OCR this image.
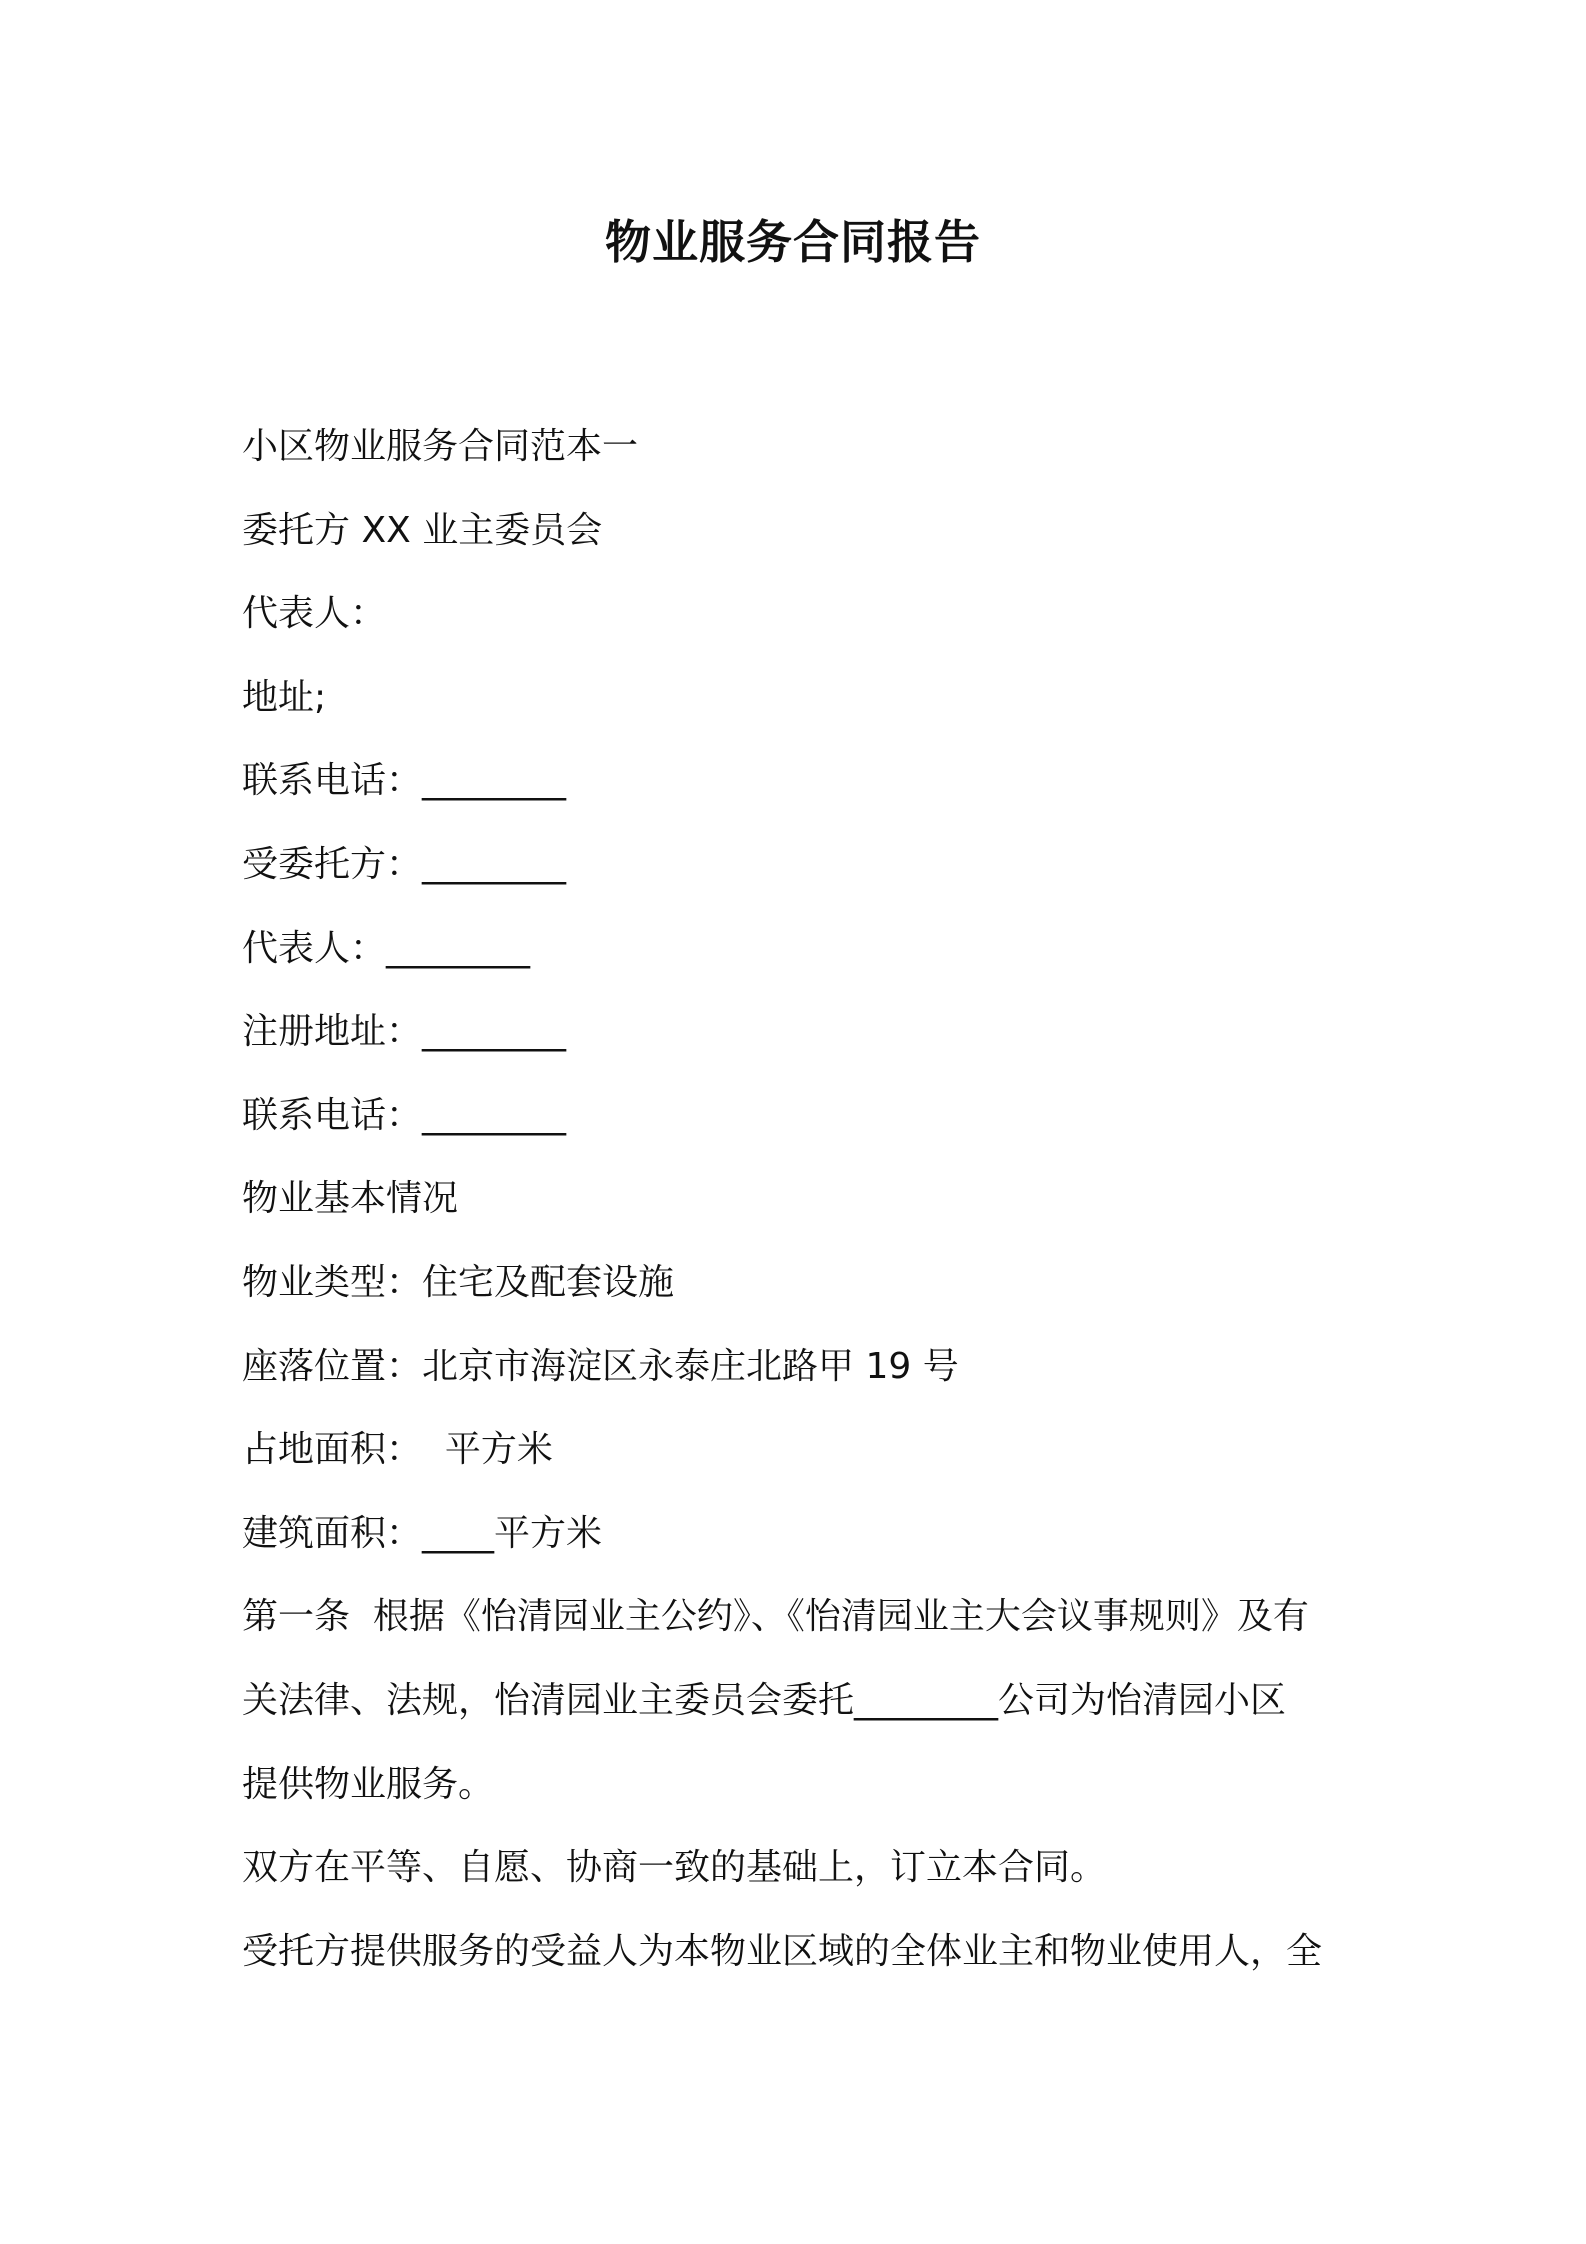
物业服务合同报告

小区物业服务合同范本一

委托方 XX 业主委员会

代表人：

地址;

联系电话：________

受委托方：________

代表人：________

注册地址：________

联系电话：________

物业基本情况

物业类型：住宅及配套设施

座落位置：北京市海淀区永泰庄北路甲 19 号

占地面积：  平方米

建筑面积：____平方米

第一条  根据《怡清园业主公约》、《怡清园业主大会议事规则》及有

关法律、法规，怡清园业主委员会委托________公司为怡清园小区

提供物业服务。

双方在平等、自愿、协商一致的基础上，订立本合同。

受托方提供服务的受益人为本物业区域的全体业主和物业使用人，全
